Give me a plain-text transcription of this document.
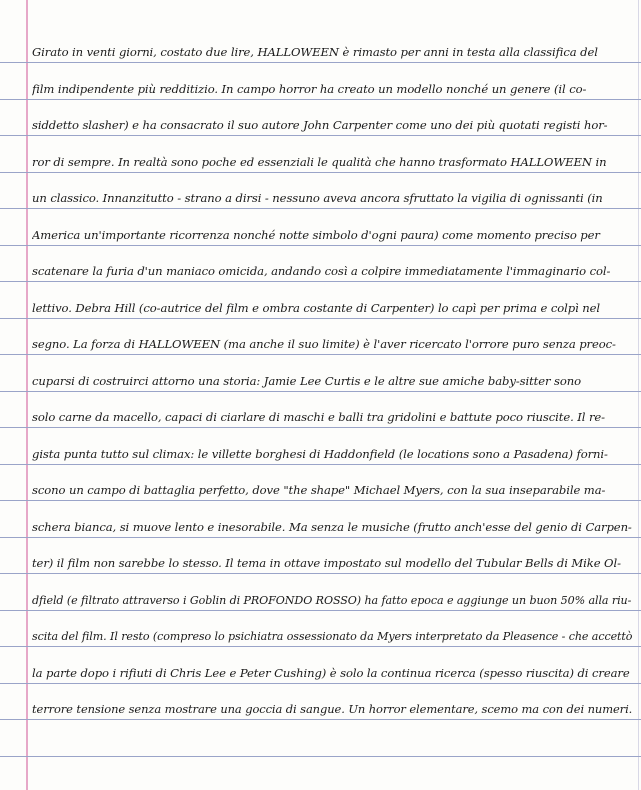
Girato in venti giorni, costato due lire, HALLOWEEN è rimasto per anni in testa alla classifica del
film indipendente più redditizio. In campo horror ha creato un modello nonché un genere (il co-
siddetto slasher) e ha consacrato il suo autore John Carpenter come uno dei più quotati registi hor-
ror di sempre. In realtà sono poche ed essenziali le qualità che hanno trasformato HALLOWEEN in
un classico. Innanzitutto - strano a dirsi - nessuno aveva ancora sfruttato la vigilia di ognissanti (in
America un'importante ricorrenza nonché notte simbolo d'ogni paura) come momento preciso per
scatenare la furia d'un maniaco omicida, andando così a colpire immediatamente l'immaginario col-
lettivo. Debra Hill (co-autrice del film e ombra costante di Carpenter) lo capì per prima e colpì nel
segno. La forza di HALLOWEEN (ma anche il suo limite) è l'aver ricercato l'orrore puro senza preoc-
cuparsi di costruirci attorno una storia: Jamie Lee Curtis e le altre sue amiche baby-sitter sono
solo carne da macello, capaci di ciarlare di maschi e balli tra gridolini e battute poco riuscite. Il re-
gista punta tutto sul climax: le villette borghesi di Haddonfield (le locations sono a Pasadena) forni-
scono un campo di battaglia perfetto, dove "the shape" Michael Myers, con la sua inseparabile ma-
schera bianca, si muove lento e inesorabile. Ma senza le musiche (frutto anch'esse del genio di Carpen-
ter) il film non sarebbe lo stesso. Il tema in ottave impostato sul modello del Tubular Bells di Mike Ol-
dfield (e filtrato attraverso i Goblin di PROFONDO ROSSO) ha fatto epoca e aggiunge un buon 50% alla riu-
scita del film. Il resto (compreso lo psichiatra ossessionato da Myers interpretato da Pleasence - che accettò
la parte dopo i rifiuti di Chris Lee e Peter Cushing) è solo la continua ricerca (spesso riuscita) di creare
terrore tensione senza mostrare una goccia di sangue. Un horror elementare, scemo ma con dei numeri.
